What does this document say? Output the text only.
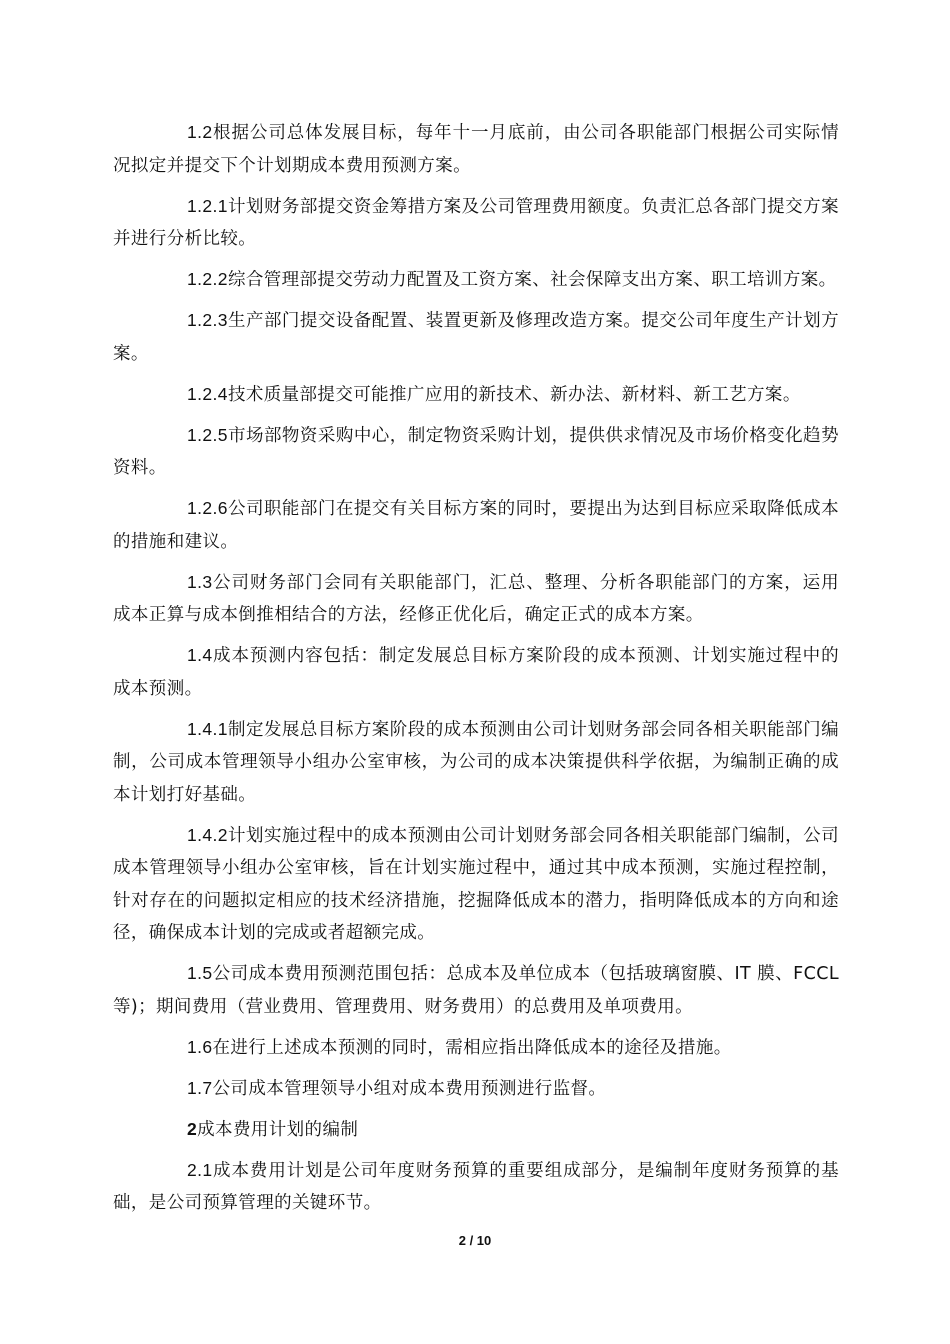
1.2根据公司总体发展目标，每年十一月底前，由公司各职能部门根据公司实际情况拟定并提交下个计划期成本费用预测方案。

1.2.1计划财务部提交资金筹措方案及公司管理费用额度。负责汇总各部门提交方案并进行分析比较。

1.2.2综合管理部提交劳动力配置及工资方案、社会保障支出方案、职工培训方案。

1.2.3生产部门提交设备配置、装置更新及修理改造方案。提交公司年度生产计划方案。

1.2.4技术质量部提交可能推广应用的新技术、新办法、新材料、新工艺方案。

1.2.5市场部物资采购中心，制定物资采购计划，提供供求情况及市场价格变化趋势资料。

1.2.6公司职能部门在提交有关目标方案的同时，要提出为达到目标应采取降低成本的措施和建议。

1.3公司财务部门会同有关职能部门，汇总、整理、分析各职能部门的方案，运用成本正算与成本倒推相结合的方法，经修正优化后，确定正式的成本方案。

1.4成本预测内容包括：制定发展总目标方案阶段的成本预测、计划实施过程中的成本预测。

1.4.1制定发展总目标方案阶段的成本预测由公司计划财务部会同各相关职能部门编制，公司成本管理领导小组办公室审核，为公司的成本决策提供科学依据，为编制正确的成本计划打好基础。

1.4.2计划实施过程中的成本预测由公司计划财务部会同各相关职能部门编制，公司成本管理领导小组办公室审核，旨在计划实施过程中，通过其中成本预测，实施过程控制，针对存在的问题拟定相应的技术经济措施，挖掘降低成本的潜力，指明降低成本的方向和途径，确保成本计划的完成或者超额完成。

1.5公司成本费用预测范围包括：总成本及单位成本（包括玻璃窗膜、IT 膜、FCCL 等)；期间费用（营业费用、管理费用、财务费用）的总费用及单项费用。

1.6在进行上述成本预测的同时，需相应指出降低成本的途径及措施。

1.7公司成本管理领导小组对成本费用预测进行监督。

2成本费用计划的编制

2.1成本费用计划是公司年度财务预算的重要组成部分，是编制年度财务预算的基础，是公司预算管理的关键环节。

2 / 10
